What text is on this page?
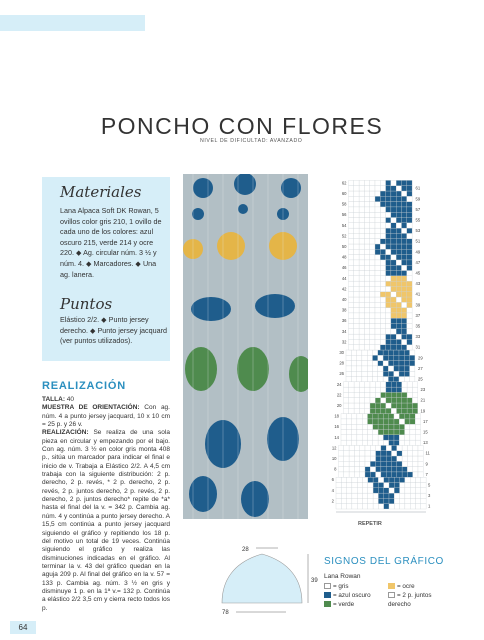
PONCHO CON FLORES
NIVEL DE DIFICULTAD: AVANZADO
Materiales
Lana Alpaca Soft DK Rowan, 5 ovillos color gris 210, 1 ovillo de cada uno de los colores: azul oscuro 215, verde 214 y ocre 220. ◆ Ag. circular núm. 3 ½ y núm. 4. ◆ Marcadores. ◆ Una ag. lanera.
Puntos
Elástico 2/2. ◆ Punto jersey derecho. ◆ Punto jersey jacquard (ver puntos utilizados).
REALIZACIÓN
TALLA: 40
MUESTRA DE ORIENTACIÓN: Con ag. núm. 4 a punto jersey jacquard, 10 x 10 cm = 25 p. y 26 v.
REALIZACIÓN: Se realiza de una sola pieza en circular y empezando por el bajo. Con ag. núm. 3 ½ en color gris monta 408 p., sitúa un marcador para indicar el final e inicio de v. Trabaja a Elástico 2/2. A 4,5 cm trabaja con la siguiente distribución: 2 p. derecho, 2 p. revés, * 2 p. derecho, 2 p. revés, 2 p. juntos derecho, 2 p. revés, 2 p. derecho, 2 p. juntos derecho* repite de *a* hasta el final del la v. = 342 p. Cambia ag. núm. 4 y continúa a punto jersey derecho. A 15,5 cm continúa a punto jersey jacquard siguiendo el gráfico y repitiendo los 18 p. del motivo un total de 19 veces. Continúa siguiendo el gráfico y realiza las disminuciones indicadas en el gráfico. Al terminar la v. 43 del gráfico quedan en la aguja 209 p. Al final del gráfico en la v. 57 = 133 p. Cambia ag. núm. 3 ½ en gris y disminuye 1 p. en la 1ª v.= 132 p. Continúa a elástico 2/2 3,5 cm y cierra recto todos los p.
62
60
58
56
54
52
50
48
46
44
42
40
38
36
34
32
30
28
26
24
22
20
18
16
14
12
10
8
6
4
2
61
59
57
55
53
51
49
47
45
43
41
39
37
35
33
31
29
27
25
23
21
19
17
15
13
11
9
7
5
3
1
REPETIR
28
78
39
SIGNOS DEL GRÁFICO
Lana Rowan
= gris
= azul oscuro
= verde
= ocre
= 2 p. juntos
derecho
64
